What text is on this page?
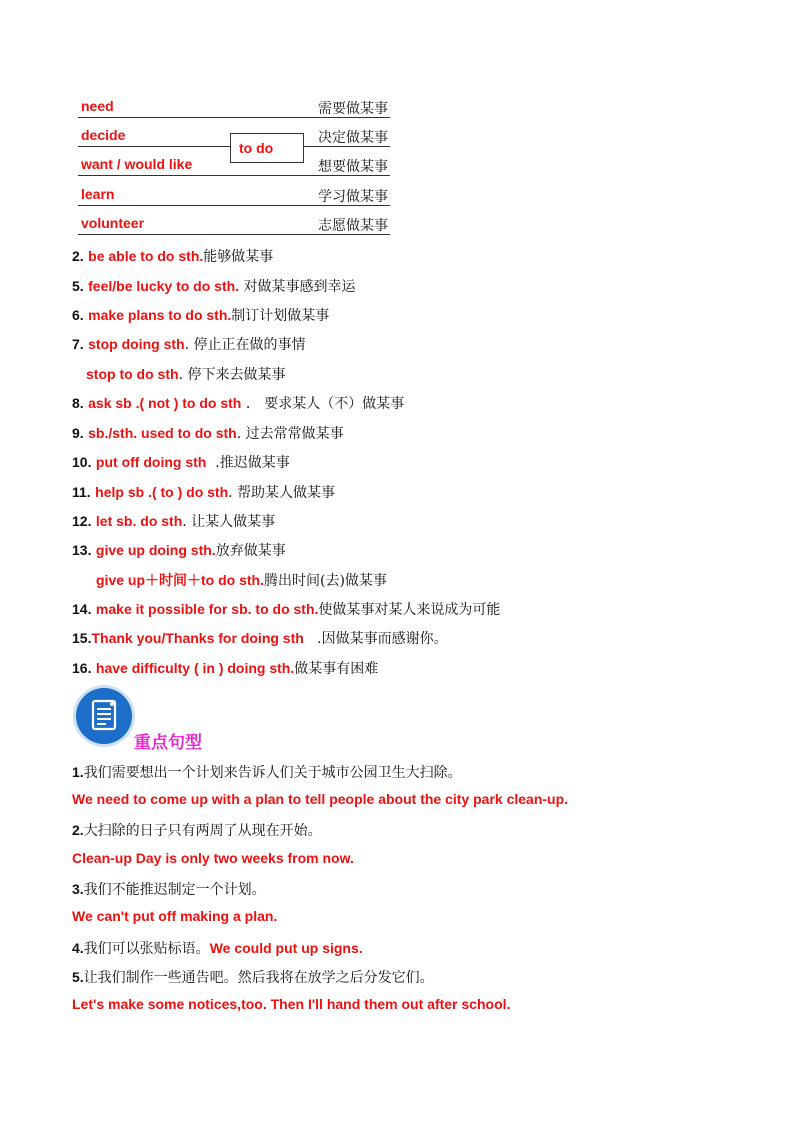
need	需要做某事
decide	决定做某事
want / would like	想要做某事
learn	学习做某事
volunteer	志愿做某事
to do
2. be able to do sth.能够做某事
5. feel/be lucky to do sth. 对做某事感到幸运
6. make plans to do sth.制订计划做某事
7. stop doing sth. 停止正在做的事情
stop to do sth. 停下来去做某事
8. ask sb .( not ) to do sth ． 要求某人（不）做某事
9. sb./sth. used to do sth. 过去常常做某事
10. put off doing sth .推迟做某事
11. help sb .( to ) do sth. 帮助某人做某事
12. let sb. do sth. 让某人做某事
13. give up doing sth.放弃做某事
give up＋时间＋to do sth.腾出时间(去)做某事
14. make it possible for sb. to do sth.使做某事对某人来说成为可能
15.Thank you/Thanks for doing sth .因做某事而感谢你。
16. have difficulty ( in ) doing sth.做某事有困难
重点句型
1.我们需要想出一个计划来告诉人们关于城市公园卫生大扫除。
We need to come up with a plan to tell people about the city park clean-up.
2.大扫除的日子只有两周了从现在开始。
Clean-up Day is only two weeks from now.
3.我们不能推迟制定一个计划。
We can't put off making a plan.
4.我们可以张贴标语。We could put up signs.
5.让我们制作一些通告吧。然后我将在放学之后分发它们。
Let's make some notices,too. Then I'll hand them out after school.
